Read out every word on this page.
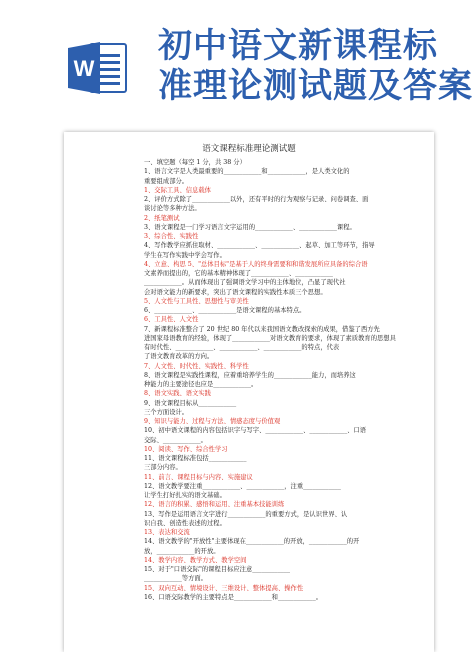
W
初中语文新课程标
准理论测试题及答案
语文课程标准理论测试题
一、填空题（每空 1 分，共 38 分）
1、语言文字是人类最重要的____________和____________，是人类文化的
重要组成部分。
1、交际工具、信息载体
2、评价方式除了____________以外，还有平时的行为观察与记录、问卷调查、面
谈讨论等多种方法。
2、纸笔测试
3、语文课程是一门学习语言文字运用的____________、____________课程。
3、综合性、实践性
4、写作教学应抓住取材、____________、____________、起草、加工等环节，指导
学生在写作实践中学会写作。
4、立意、构思 5、"总体目标"是基于人的终身需要和和谐发展所应具备的综合语
文素养而提出的，它的基本精神体现了____________、____________
____________。从而体现出了强调语文学习中的主体地位，凸显了现代社
会对语文能力的新要求，突出了语文课程的实践性本质三个思想。
5、人文性与工具性、思想性与审美性
6、____________、____________是语文课程的基本特点。
6、工具性、人文性
7、新课程标准整合了 20 世纪 80 年代以来我国语文教改探索的成果，借鉴了西方先
进国家母语教育的经验，体现了____________对语文教育的要求，体现了素质教育的思想具
有时代性、____________、____________、____________的特点，代表
了语文教育改革的方向。
7、人文性、时代性、实践性、科学性
8、语文课程是实践性课程，应着重培养学生的____________能力，而培养这
种能力的主要途径也应是____________。
8、语文实践、语文实践
9、语文课程目标从____________
三个方面设计。
9、知识与能力、过程与方法、情感态度与价值观
10、初中语文课程的内容包括识字与写字、____________、____________、口语
交际、____________。
10、阅读、写作、综合性学习
11、语文课程标准包括____________
三部分内容。
11、前言、课程目标与内容、实施建议
12、语文教学要注重____________、____________，注重____________
让学生打好扎实的语文基础。
12、语言的积累、感悟和运用、注重基本技能训练
13、写作是运用语言文字进行____________的重要方式，是认识世界、认
识自我、创造性表述的过程。
13、表达和交流
14、语文教学的"开放性"主要体现在____________的开放，____________的开
放，____________的开放。
14、教学内容、教学方式、教学空间
15、对于"口语交际"的课程目标应注意____________
____________等方面。
15、双向互动、情境设计、三维设计、整体提高、操作性
16、口语交际教学的主要特点是____________和____________。
